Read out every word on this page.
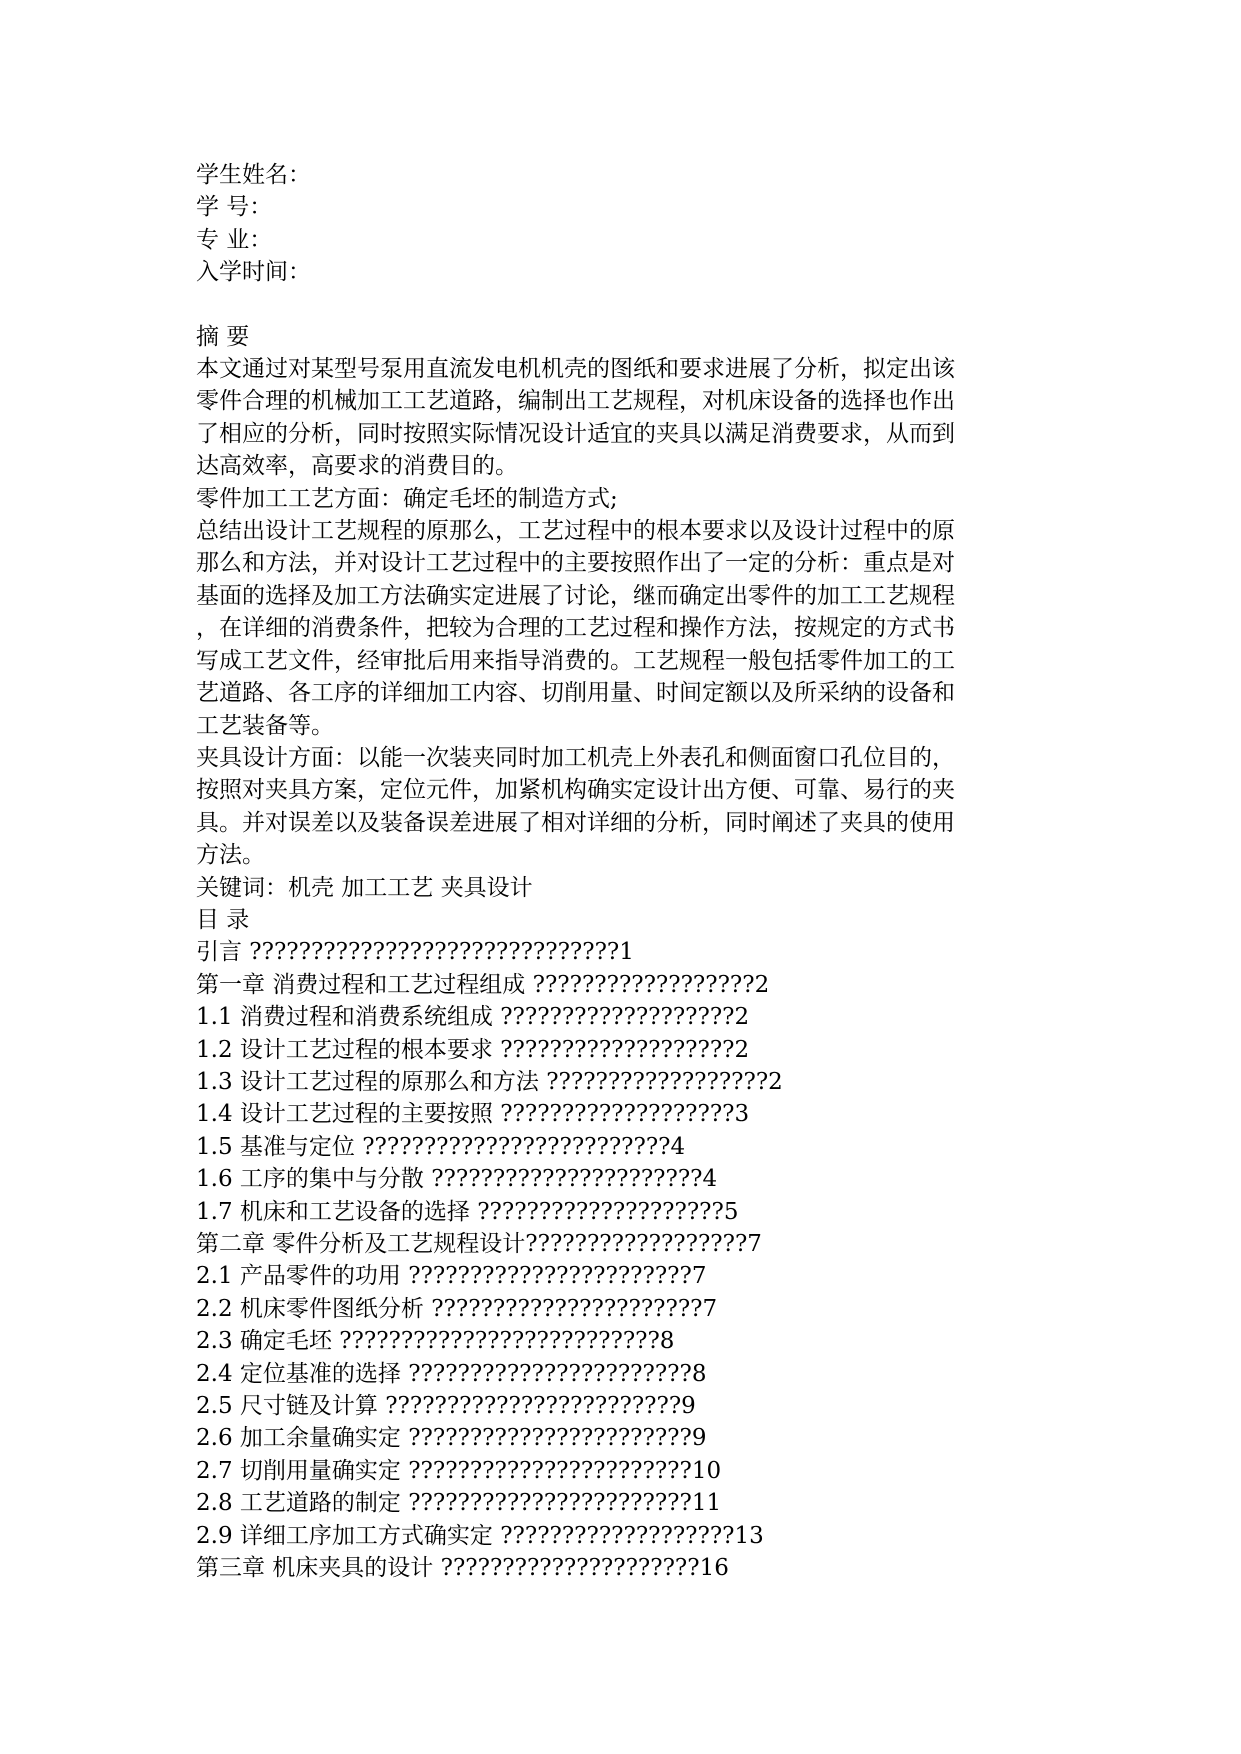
学生姓名：
学 号：
专 业：
入学时间：
摘 要
本文通过对某型号泵用直流发电机机壳的图纸和要求进展了分析，拟定出该
零件合理的机械加工工艺道路，编制出工艺规程，对机床设备的选择也作出
了相应的分析，同时按照实际情况设计适宜的夹具以满足消费要求，从而到
达高效率，高要求的消费目的。
零件加工工艺方面：确定毛坯的制造方式;
总结出设计工艺规程的原那么，工艺过程中的根本要求以及设计过程中的原
那么和方法，并对设计工艺过程中的主要按照作出了一定的分析：重点是对
基面的选择及加工方法确实定进展了讨论，继而确定出零件的加工工艺规程
，在详细的消费条件，把较为合理的工艺过程和操作方法，按规定的方式书
写成工艺文件，经审批后用来指导消费的。工艺规程一般包括零件加工的工
艺道路、各工序的详细加工内容、切削用量、时间定额以及所采纳的设备和
工艺装备等。
夹具设计方面：以能一次装夹同时加工机壳上外表孔和侧面窗口孔位目的，
按照对夹具方案，定位元件，加紧机构确实定设计出方便、可靠、易行的夹
具。并对误差以及装备误差进展了相对详细的分析，同时阐述了夹具的使用
方法。
关键词：机壳 加工工艺 夹具设计
目 录
引言 ??????????????????????????????1
第一章 消费过程和工艺过程组成 ??????????????????2
1.1 消费过程和消费系统组成 ???????????????????2
1.2 设计工艺过程的根本要求 ???????????????????2
1.3 设计工艺过程的原那么和方法 ??????????????????2
1.4 设计工艺过程的主要按照 ???????????????????3
1.5 基准与定位 ?????????????????????????4
1.6 工序的集中与分散 ??????????????????????4
1.7 机床和工艺设备的选择 ????????????????????5
第二章 零件分析及工艺规程设计??????????????????7
2.1 产品零件的功用 ???????????????????????7
2.2 机床零件图纸分析 ??????????????????????7
2.3 确定毛坯 ??????????????????????????8
2.4 定位基准的选择 ???????????????????????8
2.5 尺寸链及计算 ????????????????????????9
2.6 加工余量确实定 ???????????????????????9
2.7 切削用量确实定 ???????????????????????10
2.8 工艺道路的制定 ???????????????????????11
2.9 详细工序加工方式确实定 ???????????????????13
第三章 机床夹具的设计 ?????????????????????16
